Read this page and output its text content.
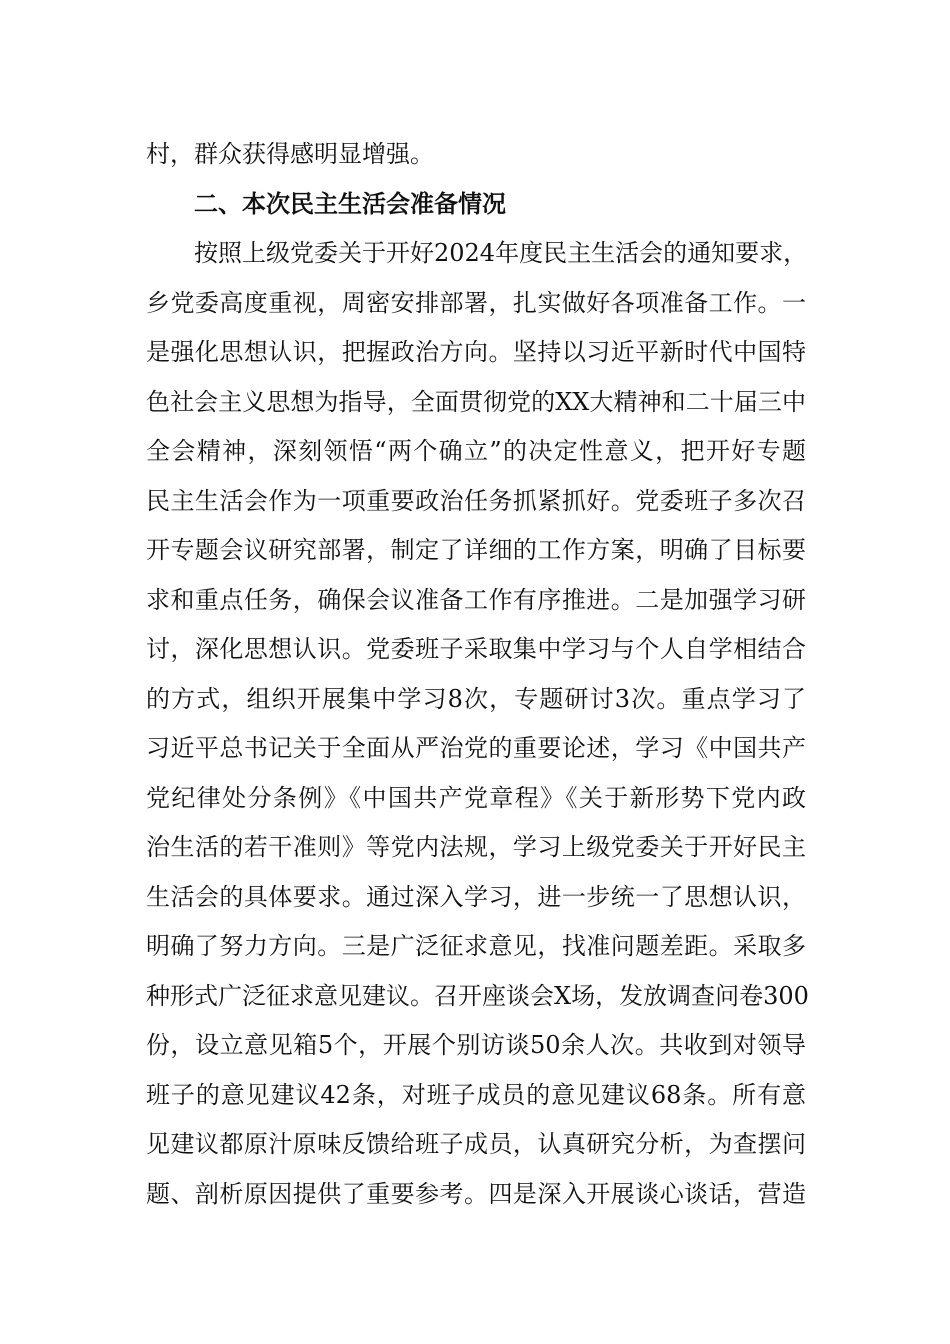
村，群众获得感明显增强。
二、本次民主生活会准备情况
按照上级党委关于开好2024年度民主生活会的通知要求，
乡党委高度重视，周密安排部署，扎实做好各项准备工作。一
是强化思想认识，把握政治方向。坚持以习近平新时代中国特
色社会主义思想为指导，全面贯彻党的XX大精神和二十届三中
全会精神，深刻领悟“两个确立”的决定性意义，把开好专题
民主生活会作为一项重要政治任务抓紧抓好。党委班子多次召
开专题会议研究部署，制定了详细的工作方案，明确了目标要
求和重点任务，确保会议准备工作有序推进。二是加强学习研
讨，深化思想认识。党委班子采取集中学习与个人自学相结合
的方式，组织开展集中学习8次，专题研讨3次。重点学习了
习近平总书记关于全面从严治党的重要论述，学习《中国共产
党纪律处分条例》《中国共产党章程》《关于新形势下党内政
治生活的若干准则》等党内法规，学习上级党委关于开好民主
生活会的具体要求。通过深入学习，进一步统一了思想认识，
明确了努力方向。三是广泛征求意见，找准问题差距。采取多
种形式广泛征求意见建议。召开座谈会X场，发放调查问卷300
份，设立意见箱5个，开展个别访谈50余人次。共收到对领导
班子的意见建议42条，对班子成员的意见建议68条。所有意
见建议都原汁原味反馈给班子成员，认真研究分析，为查摆问
题、剖析原因提供了重要参考。四是深入开展谈心谈话，营造
